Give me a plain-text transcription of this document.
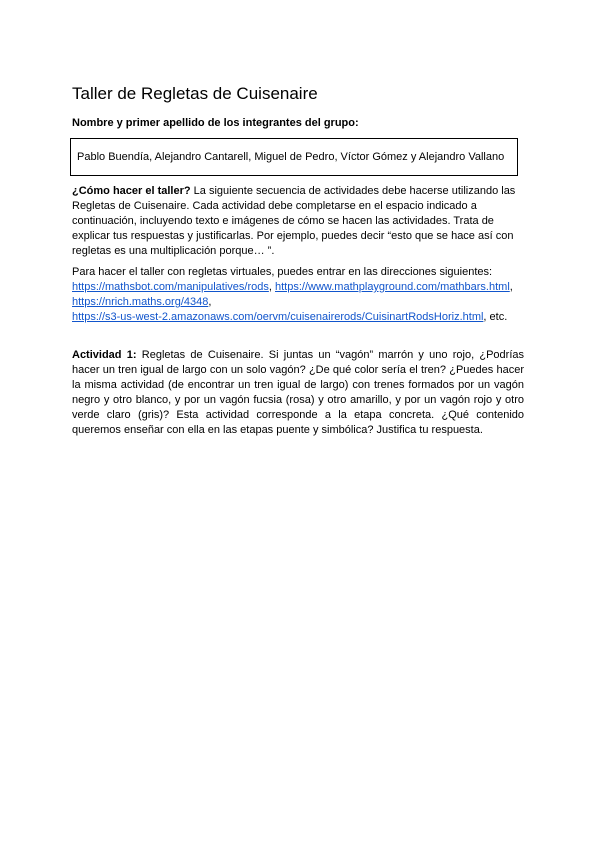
Taller de Regletas de Cuisenaire

Nombre y primer apellido de los integrantes del grupo:

Pablo Buendía, Alejandro Cantarell, Miguel de Pedro, Víctor Gómez y Alejandro Vallano

¿Cómo hacer el taller? La siguiente secuencia de actividades debe hacerse utilizando las Regletas de Cuisenaire. Cada actividad debe completarse en el espacio indicado a continuación, incluyendo texto e imágenes de cómo se hacen las actividades. Trata de explicar tus respuestas y justificarlas. Por ejemplo, puedes decir “esto que se hace así con regletas es una multiplicación porque… ”.

Para hacer el taller con regletas virtuales, puedes entrar en las direcciones siguientes:
https://mathsbot.com/manipulatives/rods, https://www.mathplayground.com/mathbars.html,
https://nrich.maths.org/4348,
https://s3-us-west-2.amazonaws.com/oervm/cuisenairerods/CuisinartRodsHoriz.html, etc.

Actividad 1: Regletas de Cuisenaire. Si juntas un “vagón” marrón y uno rojo, ¿Podrías hacer un tren igual de largo con un solo vagón? ¿De qué color sería el tren? ¿Puedes hacer la misma actividad (de encontrar un tren igual de largo) con trenes formados por un vagón negro y otro blanco, y por un vagón fucsia (rosa) y otro amarillo, y por un vagón rojo y otro verde claro (gris)? Esta actividad corresponde a la etapa concreta. ¿Qué contenido queremos enseñar con ella en las etapas puente y simbólica? Justifica tu respuesta.
